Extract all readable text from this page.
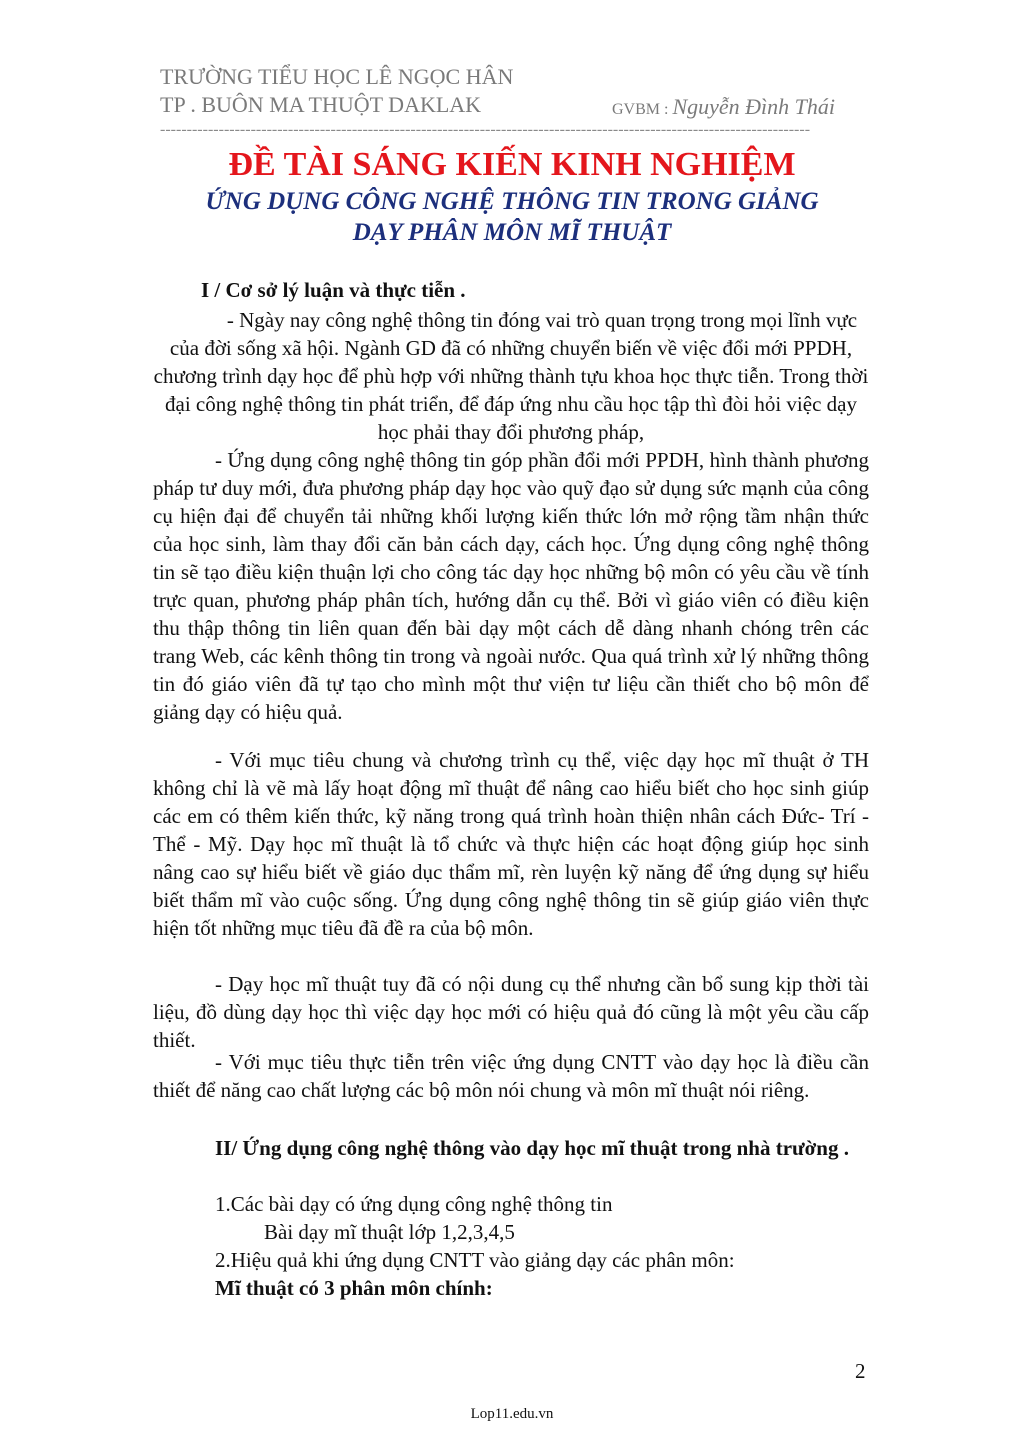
TRƯỜNG TIỂU HỌC LÊ NGỌC HÂN
TP . BUÔN MA THUỘT DAKLAK	GVBM : Nguyễn Đình Thái
--------------------------------------------------------------------------------------------------------------------------
ĐỀ TÀI SÁNG KIẾN KINH NGHIỆM
ỨNG DỤNG CÔNG NGHỆ THÔNG TIN TRONG GIẢNG
DẠY PHÂN MÔN MĨ THUẬT
I / Cơ sở lý luận và thực tiễn .

- Ngày nay công nghệ thông tin đóng vai trò quan trọng trong mọi lĩnh vực của đời sống xã hội. Ngành GD đã có những chuyển biến về việc đổi mới PPDH, chương trình dạy học để phù hợp với những thành tựu khoa học thực tiễn. Trong thời đại công nghệ thông tin phát triển, để đáp ứng nhu cầu học tập thì đòi hỏi việc dạy học phải thay đổi phương pháp,

- Ứng dụng công nghệ thông tin góp phần đổi mới PPDH, hình thành phương pháp tư duy mới, đưa phương pháp dạy học vào quỹ đạo sử dụng sức mạnh của công cụ hiện đại để chuyển tải những khối lượng kiến thức lớn mở rộng tầm nhận thức của học sinh, làm thay đổi căn bản cách dạy, cách học. Ứng dụng công nghệ thông tin sẽ tạo điều kiện thuận lợi cho công tác dạy học những bộ môn có yêu cầu về tính trực quan, phương pháp phân tích, hướng dẫn cụ thể. Bởi vì giáo viên có điều kiện thu thập thông tin liên quan đến bài dạy một cách dễ dàng nhanh chóng trên các trang Web, các kênh thông tin trong và ngoài nước. Qua quá trình xử lý những thông tin đó giáo viên đã tự tạo cho mình một thư viện tư liệu cần thiết cho bộ môn để giảng dạy có hiệu quả.

- Với mục tiêu chung và chương trình cụ thể, việc dạy học mĩ thuật ở TH không chỉ là vẽ mà lấy hoạt động mĩ thuật để nâng cao hiểu biết cho học sinh giúp các em có thêm kiến thức, kỹ năng trong quá trình hoàn thiện nhân cách Đức- Trí - Thể - Mỹ. Dạy học mĩ thuật là tổ chức và thực hiện các hoạt động giúp học sinh nâng cao sự hiểu biết về giáo dục thẩm mĩ, rèn luyện kỹ năng để ứng dụng sự hiểu biết thẩm mĩ vào cuộc sống. Ứng dụng công nghệ thông tin sẽ giúp giáo viên thực hiện tốt những mục tiêu đã đề ra của bộ môn.

- Dạy học mĩ thuật tuy đã có nội dung cụ thể nhưng cần bổ sung kịp thời tài liệu, đồ dùng dạy học thì việc dạy học mới có hiệu quả đó cũng là một yêu cầu cấp thiết.

- Với mục tiêu thực tiễn trên việc ứng dụng CNTT vào dạy học là điều cần thiết để năng cao chất lượng các bộ môn nói chung và môn mĩ thuật nói riêng.

II/ Ứng dụng công nghệ thông vào dạy học mĩ thuật trong nhà trường .

1.Các bài dạy có ứng dụng công nghệ thông tin
Bài dạy mĩ thuật lớp 1,2,3,4,5
2.Hiệu quả khi ứng dụng CNTT vào giảng dạy các phân môn:
Mĩ thuật có 3 phân môn chính:
2
Lop11.edu.vn
